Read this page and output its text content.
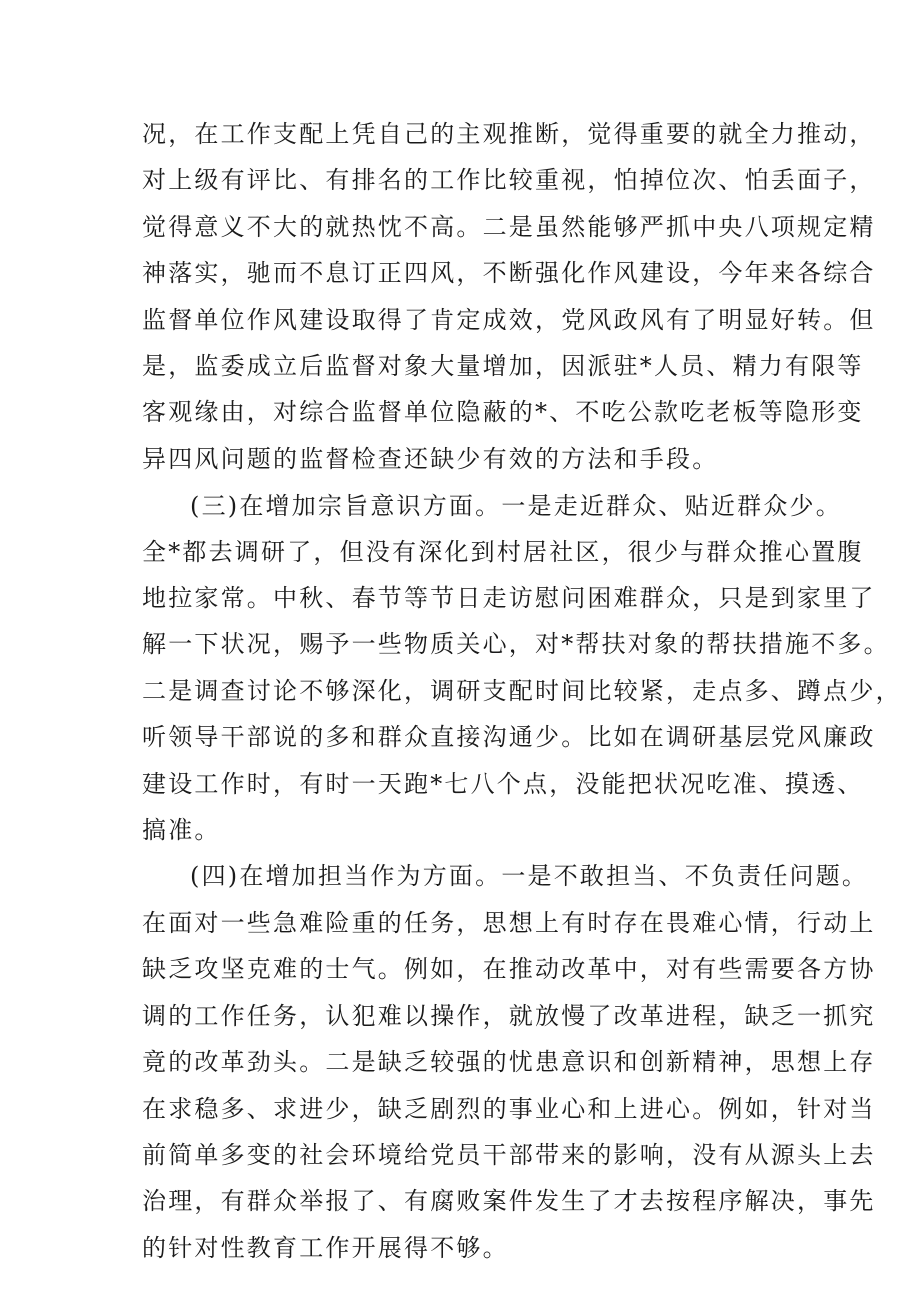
况，在工作支配上凭自己的主观推断，觉得重要的就全力推动，
对上级有评比、有排名的工作比较重视，怕掉位次、怕丢面子，
觉得意义不大的就热忱不高。二是虽然能够严抓中央八项规定精
神落实，驰而不息订正四风，不断强化作风建设，今年来各综合
监督单位作风建设取得了肯定成效，党风政风有了明显好转。但
是，监委成立后监督对象大量增加，因派驻*人员、精力有限等
客观缘由，对综合监督单位隐蔽的*、不吃公款吃老板等隐形变
异四风问题的监督检查还缺少有效的方法和手段。
(三)在增加宗旨意识方面。一是走近群众、贴近群众少。
全*都去调研了，但没有深化到村居社区，很少与群众推心置腹
地拉家常。中秋、春节等节日走访慰问困难群众，只是到家里了
解一下状况，赐予一些物质关心，对*帮扶对象的帮扶措施不多。
二是调查讨论不够深化，调研支配时间比较紧，走点多、蹲点少，
听领导干部说的多和群众直接沟通少。比如在调研基层党风廉政
建设工作时，有时一天跑*七八个点，没能把状况吃准、摸透、
搞准。
(四)在增加担当作为方面。一是不敢担当、不负责任问题。
在面对一些急难险重的任务，思想上有时存在畏难心情，行动上
缺乏攻坚克难的士气。例如，在推动改革中，对有些需要各方协
调的工作任务，认犯难以操作，就放慢了改革进程，缺乏一抓究
竟的改革劲头。二是缺乏较强的忧患意识和创新精神，思想上存
在求稳多、求进少，缺乏剧烈的事业心和上进心。例如，针对当
前简单多变的社会环境给党员干部带来的影响，没有从源头上去
治理，有群众举报了、有腐败案件发生了才去按程序解决，事先
的针对性教育工作开展得不够。
